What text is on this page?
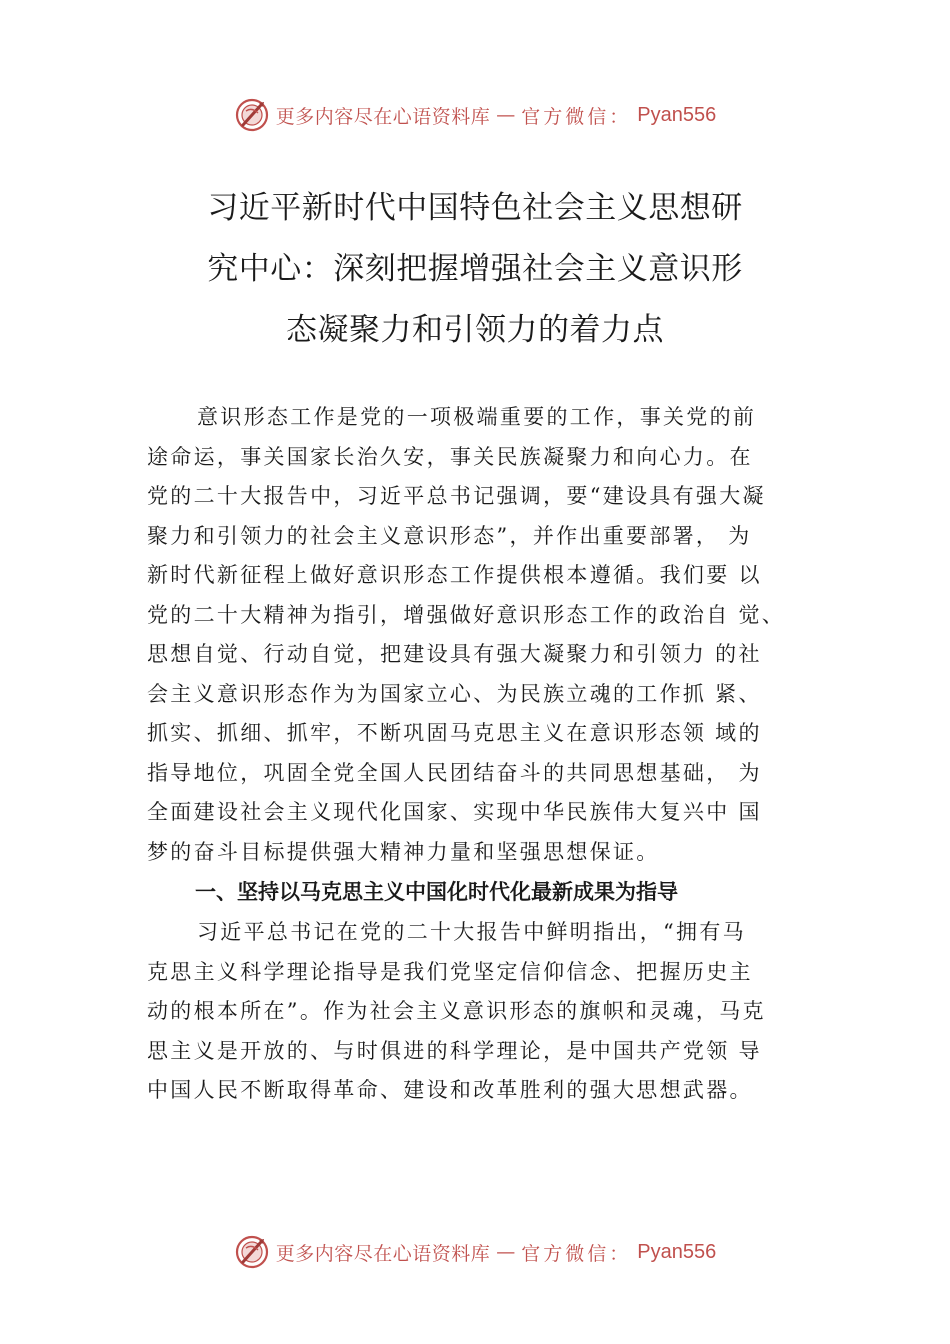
更多内容尽在心语资料库 — 官方微信： Pyan556
习近平新时代中国特色社会主义思想研
究中心：深刻把握增强社会主义意识形
态凝聚力和引领力的着力点

意识形态工作是党的一项极端重要的工作，事关党的前
途命运，事关国家长治久安，事关民族凝聚力和向心力。在
党的二十大报告中，习近平总书记强调，要“建设具有强大凝
聚力和引领力的社会主义意识形态”，并作出重要部署， 为
新时代新征程上做好意识形态工作提供根本遵循。我们要 以
党的二十大精神为指引，增强做好意识形态工作的政治自 觉、
思想自觉、行动自觉，把建设具有强大凝聚力和引领力 的社
会主义意识形态作为为国家立心、为民族立魂的工作抓 紧、
抓实、抓细、抓牢，不断巩固马克思主义在意识形态领 域的
指导地位，巩固全党全国人民团结奋斗的共同思想基础， 为
全面建设社会主义现代化国家、实现中华民族伟大复兴中 国
梦的奋斗目标提供强大精神力量和坚强思想保证。

一、坚持以马克思主义中国化时代化最新成果为指导

习近平总书记在党的二十大报告中鲜明指出，“拥有马
克思主义科学理论指导是我们党坚定信仰信念、把握历史主
动的根本所在”。作为社会主义意识形态的旗帜和灵魂，马克
思主义是开放的、与时俱进的科学理论，是中国共产党领 导
中国人民不断取得革命、建设和改革胜利的强大思想武器。

更多内容尽在心语资料库 — 官方微信： Pyan556
